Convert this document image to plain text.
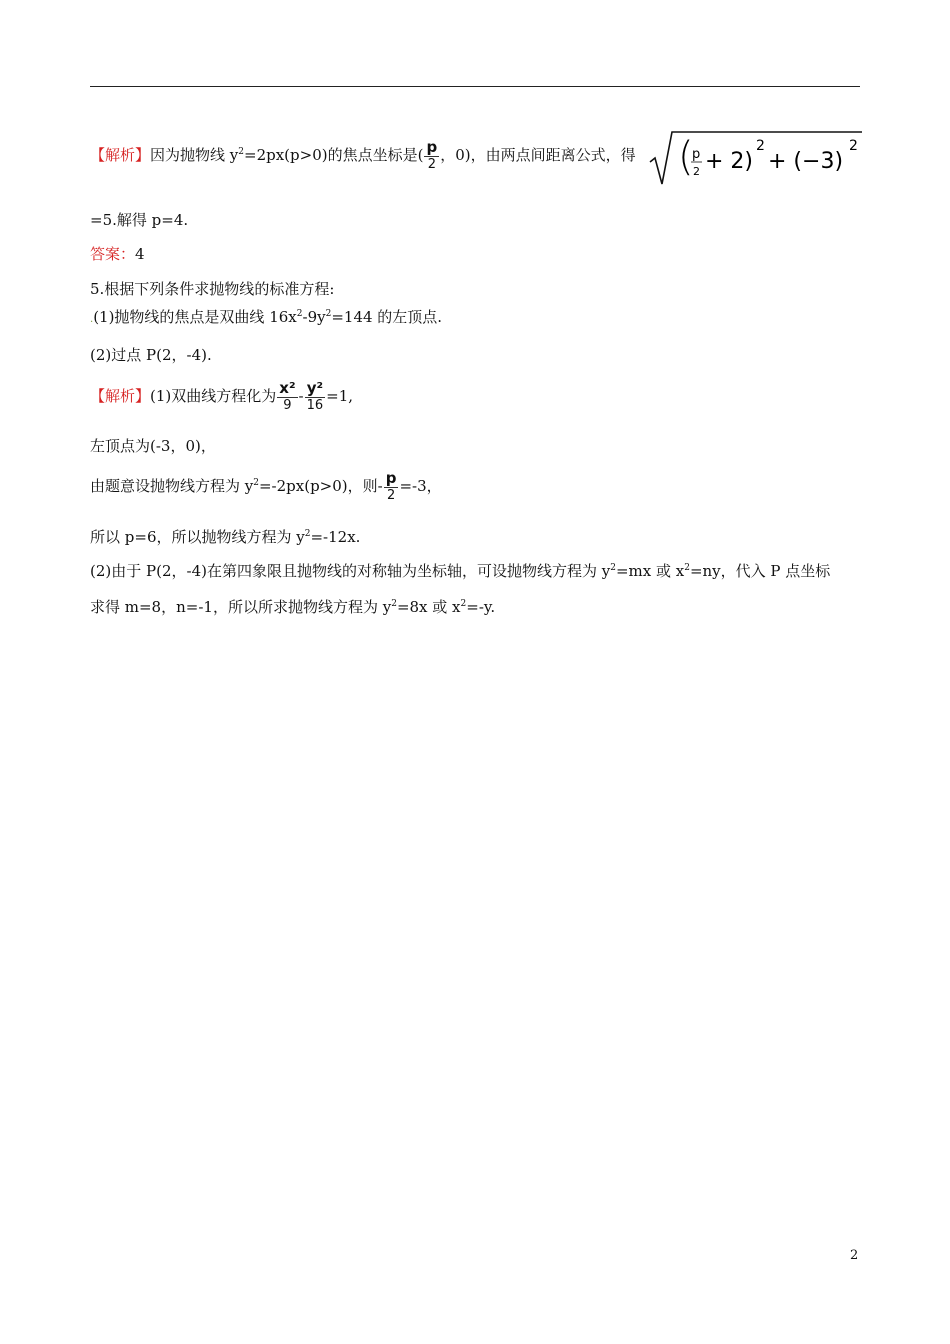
【解析】因为抛物线 $y^2=2px(p>0)$的焦点坐标是( $\frac{p}{2}$ ，0)，由两点间距离公式，得 (
p
2 + 2)
2
+ (−3)
2
=5.解得 p=4.
答案：4
5.根据下列条件求抛物线的标准方程:
.(1)抛物线的焦点是双曲线 $16x^2-9y^2=144$ 的左顶点.
(2)过点 P(2，-4).
【解析】(1)双曲线方程化为 $\frac{\text{x²}}{9} - \frac{\text{y²}}{16} =1$,
左顶点为(-3，0)，
由题意设抛物线方程为 $y^2=-2px(p>0)$，则- $\frac{p}{2} =-3$，
所以 p=6，所以抛物线方程为 $y^2=-12x$.
(2)由于 P(2，-4)在第四象限且抛物线的对称轴为坐标轴，可设抛物线方程为 $y^2=mx$ 或 $x^2=ny$，代入 P 点坐标
求得 m=8，n=-1，所以所求抛物线方程为 $y^2=8x$ 或 $x^2=-y$.
2
